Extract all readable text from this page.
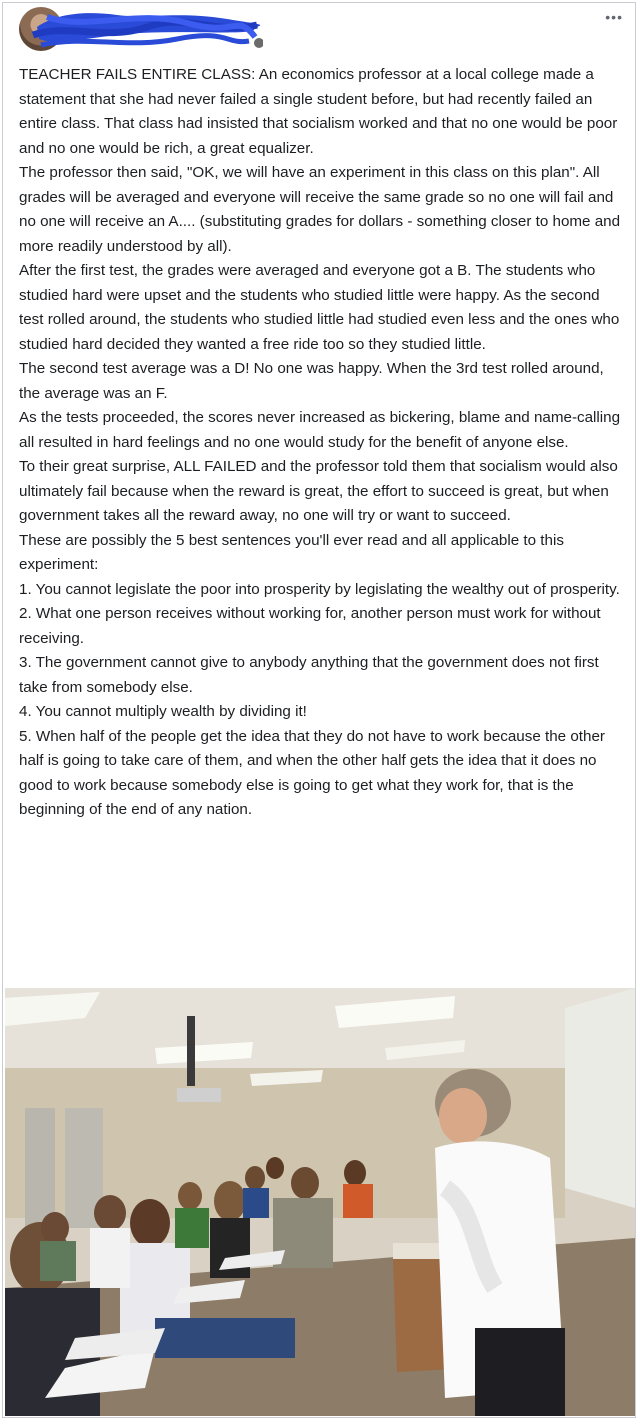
•••

TEACHER FAILS ENTIRE CLASS: An economics professor at a local college made a statement that she had never failed a single student before, but had recently failed an entire class. That class had insisted that socialism worked and that no one would be poor and no one would be rich, a great equalizer.

The professor then said, "OK, we will have an experiment in this class on this plan". All grades will be averaged and everyone will receive the same grade so no one will fail and no one will receive an A.... (substituting grades for dollars - something closer to home and more readily understood by all).

After the first test, the grades were averaged and everyone got a B. The students who studied hard were upset and the students who studied little were happy. As the second test rolled around, the students who studied little had studied even less and the ones who studied hard decided they wanted a free ride too so they studied little.

The second test average was a D! No one was happy. When the 3rd test rolled around, the average was an F.

As the tests proceeded, the scores never increased as bickering, blame and name-calling all resulted in hard feelings and no one would study for the benefit of anyone else.

To their great surprise, ALL FAILED and the professor told them that socialism would also ultimately fail because when the reward is great, the effort to succeed is great, but when government takes all the reward away, no one will try or want to succeed.

These are possibly the 5 best sentences you'll ever read and all applicable to this experiment:

1. You cannot legislate the poor into prosperity by legislating the wealthy out of prosperity.

2. What one person receives without working for, another person must work for without receiving.

3. The government cannot give to anybody anything that the government does not first take from somebody else.

4. You cannot multiply wealth by dividing it!

5. When half of the people get the idea that they do not have to work because the other half is going to take care of them, and when the other half gets the idea that it does no good to work because somebody else is going to get what they work for, that is the beginning of the end of any nation.
